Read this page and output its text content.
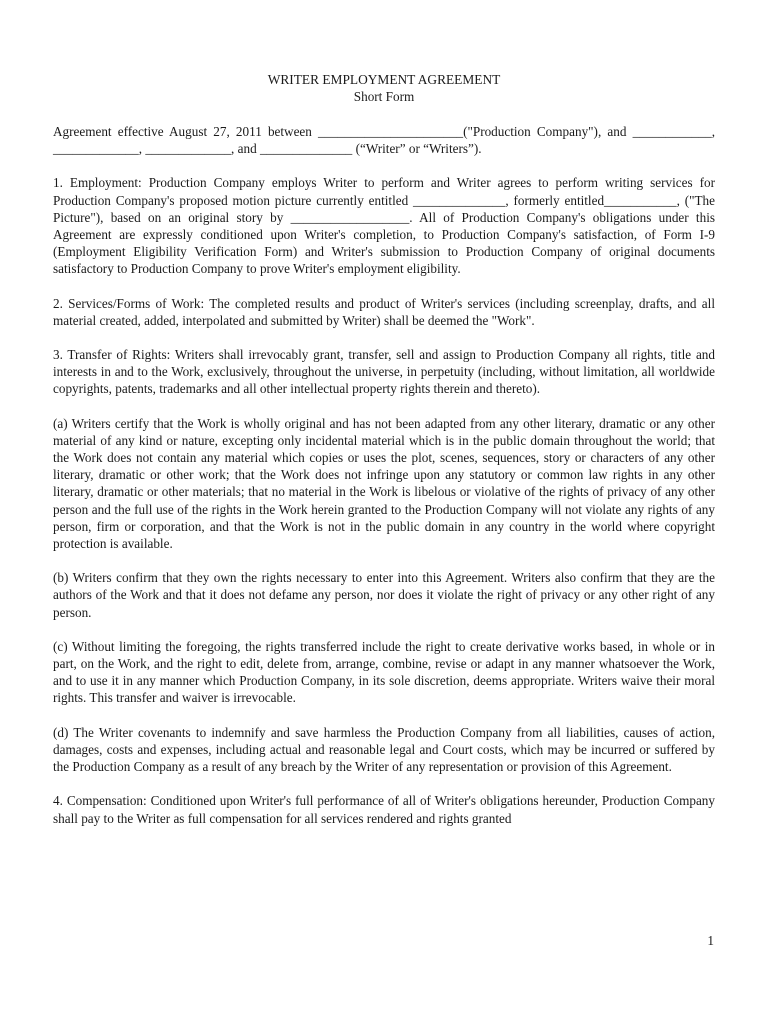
WRITER EMPLOYMENT AGREEMENT

Short Form

Agreement effective August 27, 2011 between ______________________("Production Company"), and ____________, _____________, _____________, and ______________ (“Writer” or “Writers”).

1. Employment: Production Company employs Writer to perform and Writer agrees to perform writing services for Production Company's proposed motion picture currently entitled ______________, formerly entitled___________, ("The Picture"), based on an original story by __________________. All of Production Company's obligations under this Agreement are expressly conditioned upon Writer's completion, to Production Company's satisfaction, of Form I-9 (Employment Eligibility Verification Form) and Writer's submission to Production Company of original documents satisfactory to Production Company to prove Writer's employment eligibility.

2. Services/Forms of Work: The completed results and product of Writer's services (including screenplay, drafts, and all material created, added, interpolated and submitted by Writer) shall be deemed the "Work".

3. Transfer of Rights: Writers shall irrevocably grant, transfer, sell and assign to Production Company all rights, title and interests in and to the Work, exclusively, throughout the universe, in perpetuity (including, without limitation, all worldwide copyrights, patents, trademarks and all other intellectual property rights therein and thereto).

(a) Writers certify that the Work is wholly original and has not been adapted from any other literary, dramatic or any other material of any kind or nature, excepting only incidental material which is in the public domain throughout the world; that the Work does not contain any material which copies or uses the plot, scenes, sequences, story or characters of any other literary, dramatic or other work; that the Work does not infringe upon any statutory or common law rights in any other literary, dramatic or other materials; that no material in the Work is libelous or violative of the rights of privacy of any other person and the full use of the rights in the Work herein granted to the Production Company will not violate any rights of any person, firm or corporation, and that the Work is not in the public domain in any country in the world where copyright protection is available.

(b) Writers confirm that they own the rights necessary to enter into this Agreement. Writers also confirm that they are the authors of the Work and that it does not defame any person, nor does it violate the right of privacy or any other right of any person.

(c) Without limiting the foregoing, the rights transferred include the right to create derivative works based, in whole or in part, on the Work, and the right to edit, delete from, arrange, combine, revise or adapt in any manner whatsoever the Work, and to use it in any manner which Production Company, in its sole discretion, deems appropriate. Writers waive their moral rights. This transfer and waiver is irrevocable.

(d) The Writer covenants to indemnify and save harmless the Production Company from all liabilities, causes of action, damages, costs and expenses, including actual and reasonable legal and Court costs, which may be incurred or suffered by the Production Company as a result of any breach by the Writer of any representation or provision of this Agreement.

4. Compensation: Conditioned upon Writer's full performance of all of Writer's obligations hereunder, Production Company shall pay to the Writer as full compensation for all services rendered and rights granted

1
